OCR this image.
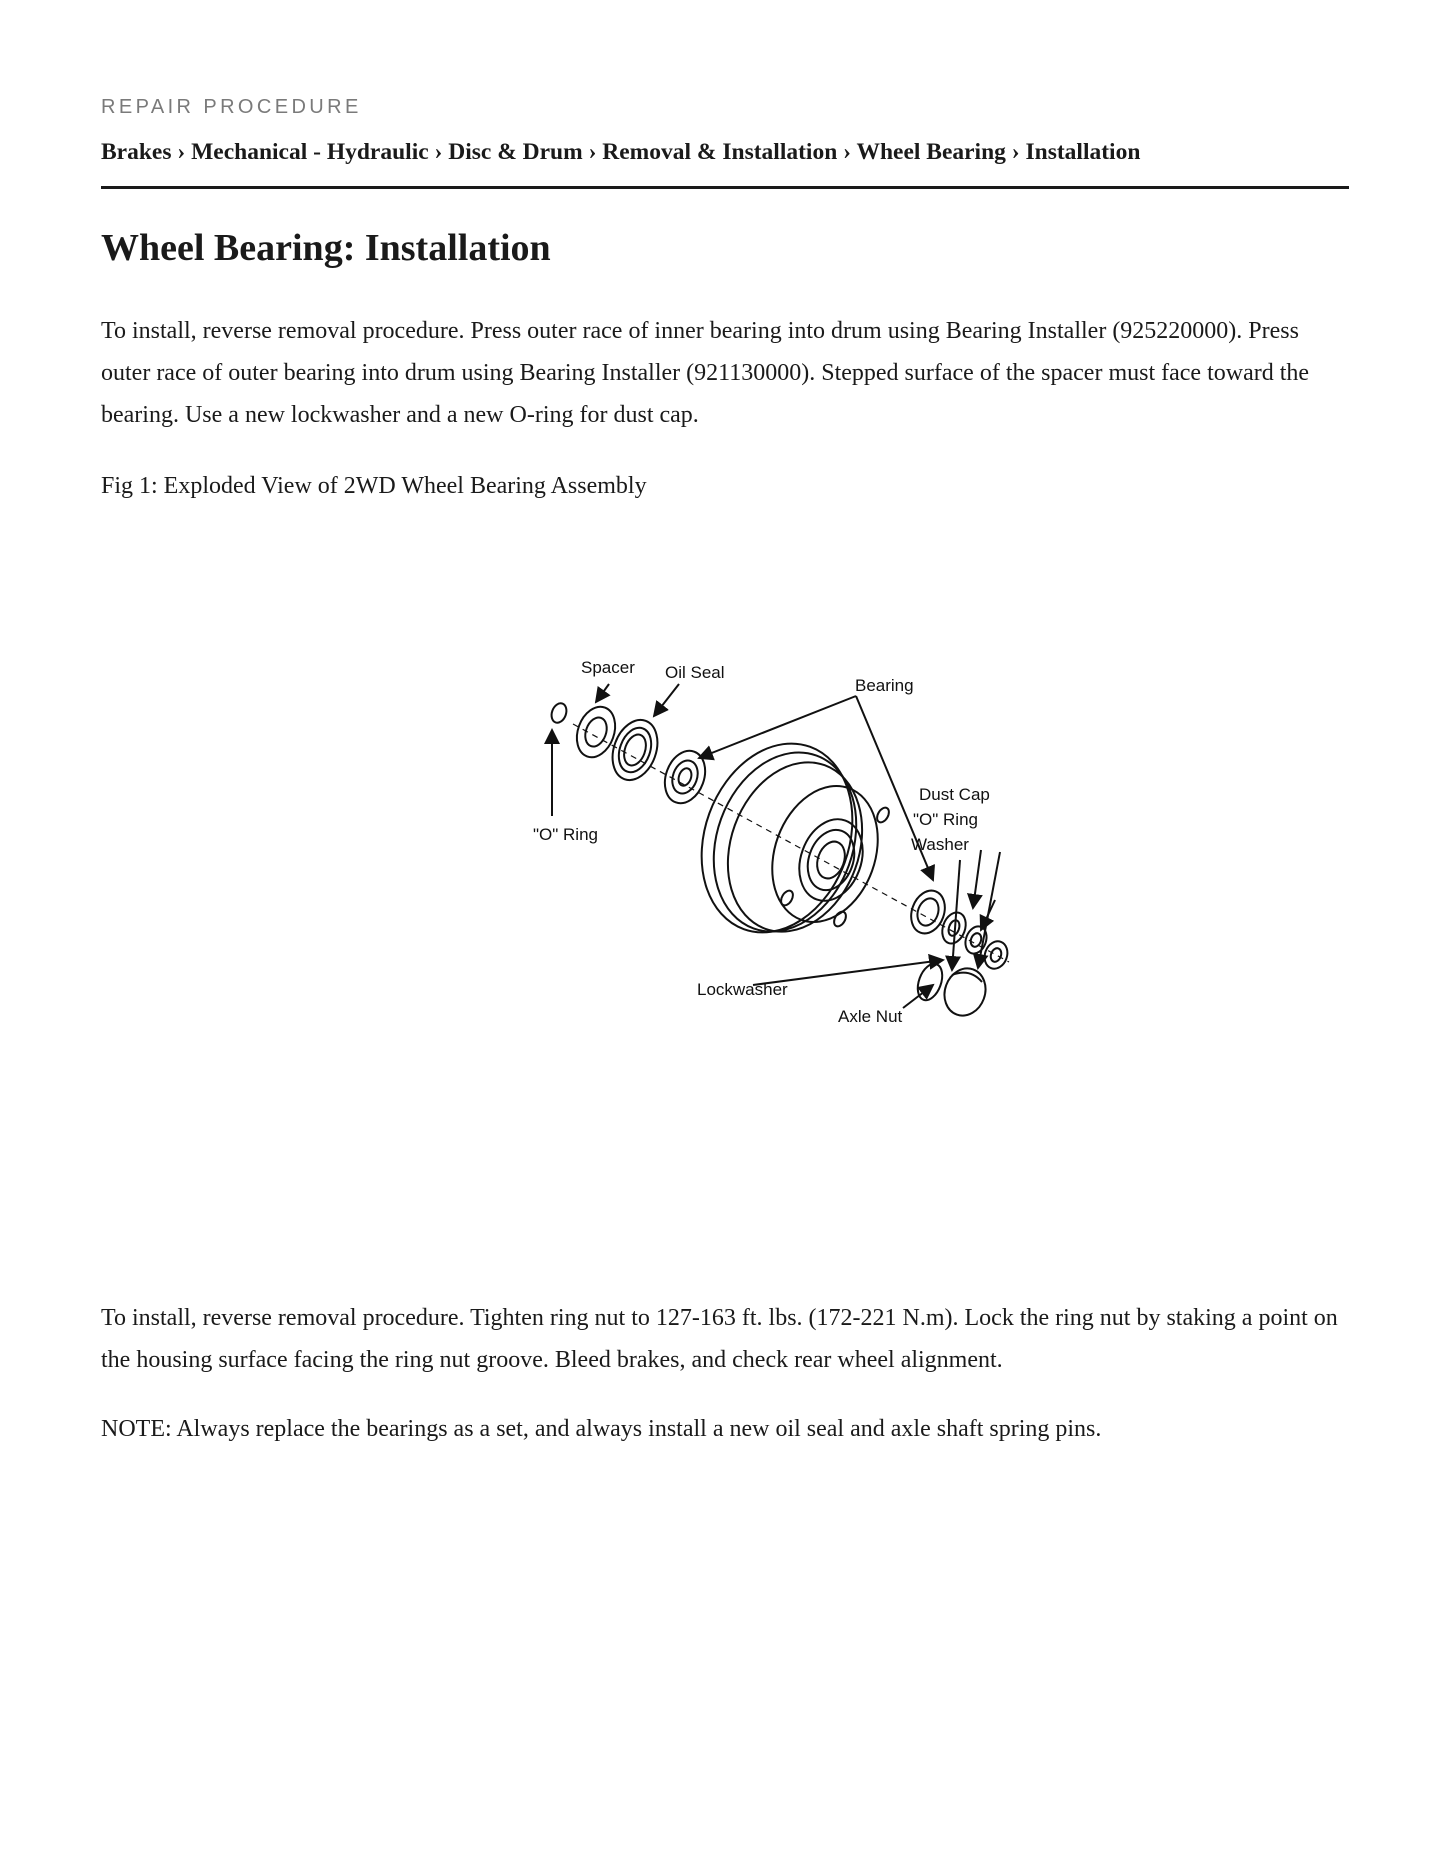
REPAIR PROCEDURE
Brakes › Mechanical - Hydraulic › Disc & Drum › Removal & Installation › Wheel Bearing › Installation
Wheel Bearing: Installation

To install, reverse removal procedure. Press outer race of inner bearing into drum using Bearing Installer (925220000). Press outer race of outer bearing into drum using Bearing Installer (921130000). Stepped surface of the spacer must face toward the bearing. Use a new lockwasher and a new O-ring for dust cap.

Fig 1: Exploded View of 2WD Wheel Bearing Assembly

Spacer Oil Seal
Bearing
"O" Ring
"O" Ring
Washer
Lockwasher
Axle Nut
Dust Cap

To install, reverse removal procedure. Tighten ring nut to 127-163 ft. lbs. (172-221 N.m). Lock the ring nut by staking a point on the housing surface facing the ring nut groove. Bleed brakes, and check rear wheel alignment.

NOTE: Always replace the bearings as a set, and always install a new oil seal and axle shaft spring pins.
